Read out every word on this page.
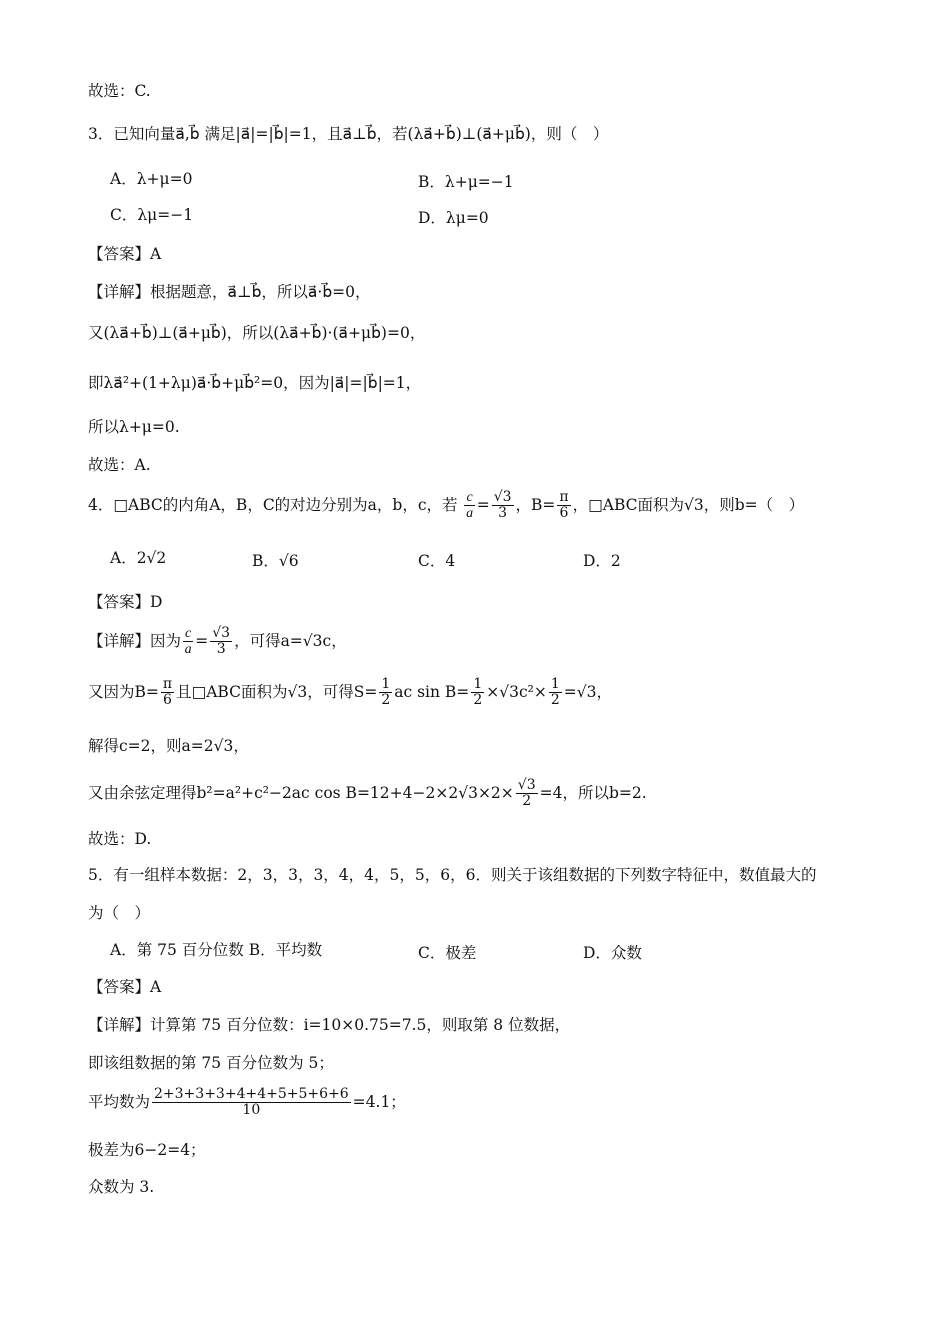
故选：C.
3．已知向量a⃗,b⃗ 满足|a⃗|=|b⃗|=1，且a⃗⊥b⃗，若(λa⃗+b⃗)⊥(a⃗+μb⃗)，则（　）
A．λ+μ=0	B．λ+μ=−1
C．λμ=−1	D．λμ=0
【答案】A
【详解】根据题意，a⃗⊥b⃗，所以a⃗·b⃗=0，
又(λa⃗+b⃗)⊥(a⃗+μb⃗)，所以(λa⃗+b⃗)·(a⃗+μb⃗)=0，
即λa⃗²+(1+λμ)a⃗·b⃗+μb⃗²=0，因为|a⃗|=|b⃗|=1，
所以λ+μ=0.
故选：A.
4．□ABC的内角A，B，C的对边分别为a，b，c，若 $\frac{c}{a} = \frac{√3}{3}$ ，$B= \frac{\pi}{6}$ ，□ABC面积为√3，则b=（　）
A．2√2	B．√6	C．4	D．2
【答案】D
【详解】因为 $\frac{c}{a} = \frac{√3}{3}$ ，可得a=√3c，
又因为$B= \frac{\pi}{6}$ 且□ABC面积为√3，可得$S= \frac{1}{2}$ ac $\sin B= \frac{1}{2} \times√3c^2\times \frac{1}{2} =√3$，
解得c=2，则a=2√3，
又由余弦定理得b²=a²+c²−2ac $\cos B=12+4-2\times 2√3\times 2\times \frac{√3}{2} =4$，所以b=2.
故选：D.
5．有一组样本数据：2，3，3，3，4，4，5，5，6，6．则关于该组数据的下列数字特征中，数值最大的
为（　）
A．第 75 百分位数 B．平均数	C．极差	D．众数
【答案】A
【详解】计算第 75 百分位数：i=10×0.75=7.5，则取第 8 位数据，
即该组数据的第 75 百分位数为 5；
平均数为 $\frac{2+3+3+3+4+4+5+5+6+6}{10} =4.1$；
极差为6−2=4；
众数为 3.
